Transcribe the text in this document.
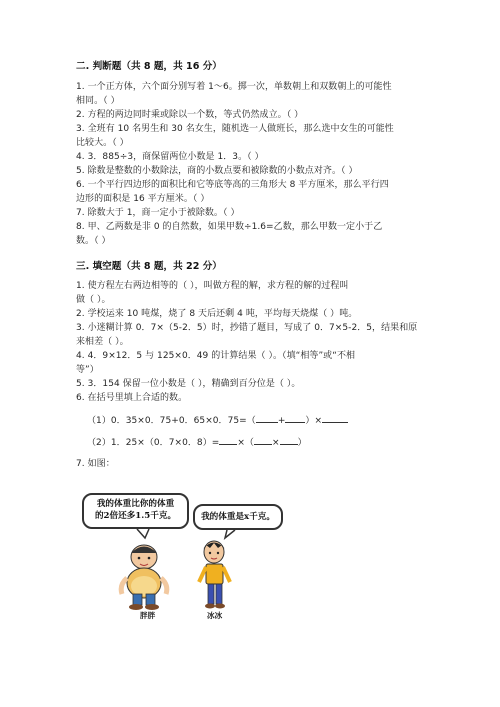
二. 判断题（共 8 题，共 16 分）
1. 一个正方体，六个面分别写着 1～6。掷一次，单数朝上和双数朝上的可能性
相同。（ ）
2. 方程的两边同时乘或除以一个数，等式仍然成立。（ ）
3. 全班有 10 名男生和 30 名女生，随机选一人做班长，那么选中女生的可能性
比较大。（ ）
4. 3．885÷3，商保留两位小数是 1．3。（ ）
5. 除数是整数的小数除法，商的小数点要和被除数的小数点对齐。（ ）
6. 一个平行四边形的面积比和它等底等高的三角形大 8 平方厘米，那么平行四
边形的面积是 16 平方厘米。（ ）
7. 除数大于 1，商一定小于被除数。（ ）
8. 甲、乙两数是非 0 的自然数，如果甲数÷1.6=乙数，那么甲数一定小于乙
数。（ ）
三. 填空题（共 8 题，共 22 分）
1. 使方程左右两边相等的（ ），叫做方程的解，求方程的解的过程叫
做（ ）。
2. 学校运来 10 吨煤，烧了 8 天后还剩 4 吨，平均每天烧煤（ ）吨。
3. 小迷糊计算 0．7×（5-2．5）时，抄错了题目，写成了 0．7×5-2．5，结果和原
来相差（ ）。
4. 4．9×12．5 与 125×0．49 的计算结果（ ）。（填“相等”或“不相
等”）
5. 3．154 保留一位小数是（ ），精确到百分位是（ ）。
6. 在括号里填上合适的数。
（1）0．35×0．75+0．65×0．75=（ + ）×
（2）1．25×（0．7×0．8）= ×（ × ）
7. 如图：
我的体重比你的体重
的2倍还多1.5千克。	我的体重是x千克。
胖胖	冰冰
